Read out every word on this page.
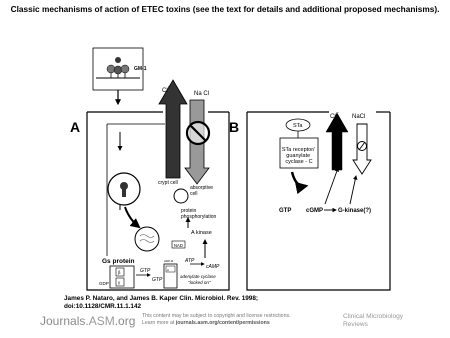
Classic mechanisms of action of ETEC toxins (see the text for details and additional proposed mechanisms).
GM-1
A
Cl
−
Na Cl
crypt cell
absorptive cell
protein phosphorylation
A kinase
NAD
Gs protein
β
γ
GDP
GTP
GTP
A
ADP-R ATP
cAMP
adenylate cyclase
"locked on"
B	STa
STa receptor/ guanylate cyclase - C
GTP cGMP G-kinase(?)
Cl
−
NaCl
James P. Nataro, and James B. Kaper Clin. Microbiol. Rev. 1998; doi:10.1128/CMR.11.1.142
Journals.ASM.org This content may be subject to copyright and license restrictions.
Learn more at journals.asm.org/content/permissions
Clinical Microbiology
Reviews
